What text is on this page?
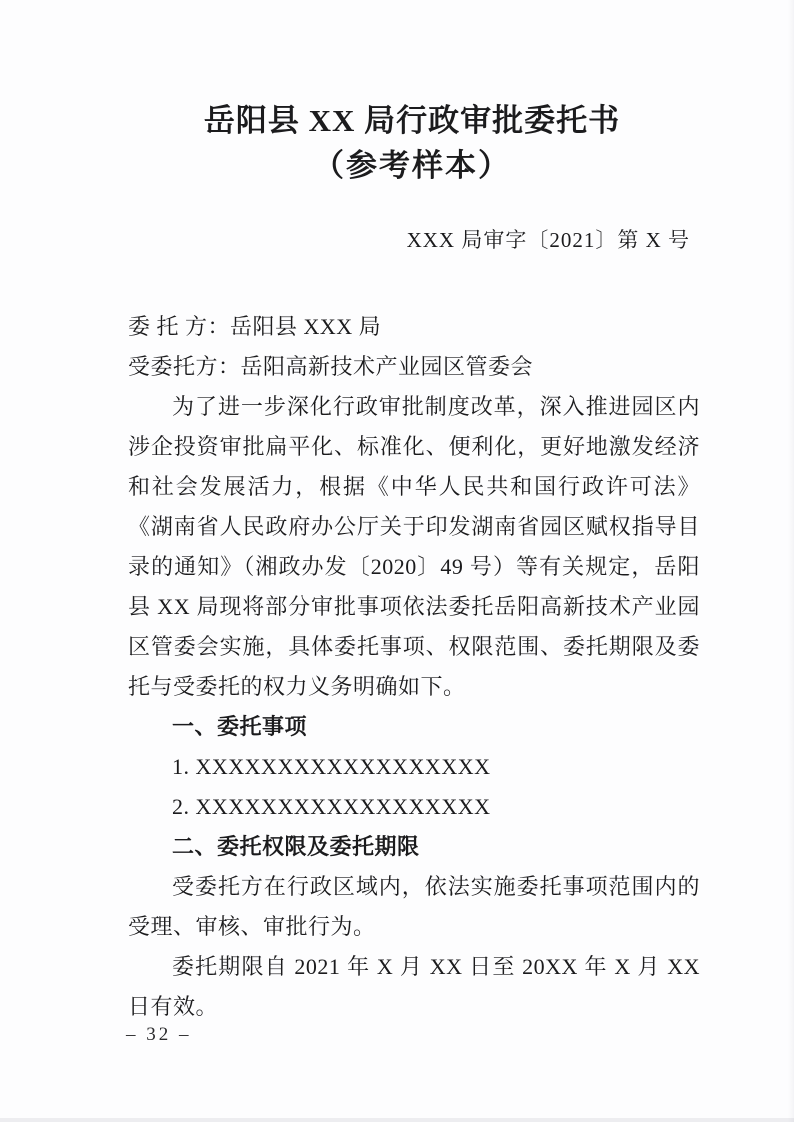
岳阳县 XX 局行政审批委托书
（参考样本）
XXX 局审字〔2021〕第 X 号
委 托 方：岳阳县 XXX 局
受委托方：岳阳高新技术产业园区管委会

为了进一步深化行政审批制度改革，深入推进园区内涉企投资审批扁平化、标准化、便利化，更好地激发经济和社会发展活力，根据《中华人民共和国行政许可法》《湖南省人民政府办公厅关于印发湖南省园区赋权指导目录的通知》（湘政办发〔2020〕49 号）等有关规定，岳阳县 XX 局现将部分审批事项依法委托岳阳高新技术产业园区管委会实施，具体委托事项、权限范围、委托期限及委托与受委托的权力义务明确如下。

一、委托事项

1. XXXXXXXXXXXXXXXXXX

2. XXXXXXXXXXXXXXXXXX

二、委托权限及委托期限

受委托方在行政区域内，依法实施委托事项范围内的受理、审核、审批行为。

委托期限自 2021 年 X 月 XX 日至 20XX 年 X 月 XX 日有效。

– 32 –
